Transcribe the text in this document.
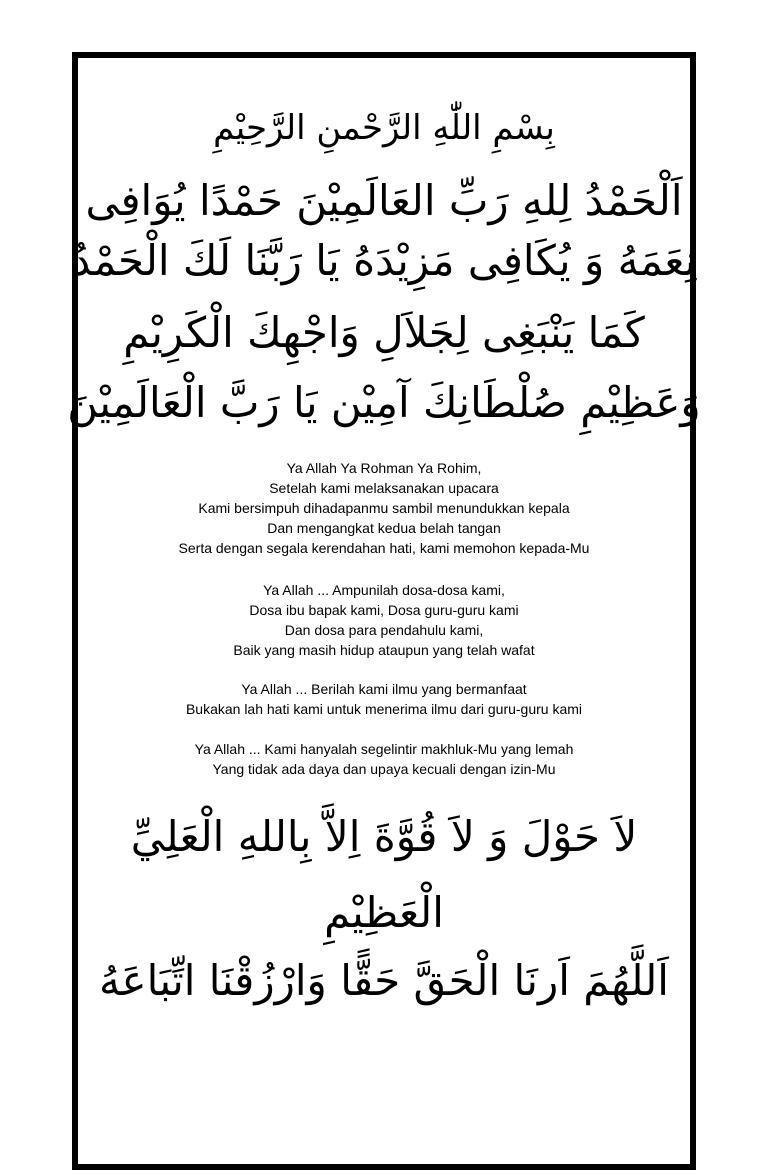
بِسْمِ اللّٰهِ الرَّحْمنِ الرَّحِيْمِ
اَلْحَمْدُ لِلهِ رَبِّ العَالَمِيْنَ حَمْدًا يُوَافِى
نِعَمَهُ وَ يُكَافِى مَزِيْدَهُ يَا رَبَّنَا لَكَ الْحَمْدُ
كَمَا يَنْبَغِى لِجَلاَلِ وَاجْهِكَ الْكَرِيْمِ
وَعَظِيْمِ صُلْطَانِكَ آمِيْن يَا رَبَّ الْعَالَمِيْنَ
Ya Allah Ya Rohman Ya Rohim,
Setelah kami melaksanakan upacara
Kami bersimpuh dihadapanmu sambil menundukkan kepala
Dan mengangkat kedua belah tangan
Serta dengan segala kerendahan hati, kami memohon kepada-Mu
Ya Allah ... Ampunilah dosa-dosa kami,
Dosa ibu bapak kami, Dosa guru-guru kami
Dan dosa para pendahulu kami,
Baik yang masih hidup ataupun yang telah wafat
Ya Allah ... Berilah kami ilmu yang bermanfaat
Bukakan lah hati kami untuk menerima ilmu dari guru-guru kami
Ya Allah ... Kami hanyalah segelintir makhluk-Mu yang lemah
Yang tidak ada daya dan upaya kecuali dengan izin-Mu
لاَ حَوْلَ وَ لاَ قُوَّةَ اِلاَّ بِاللهِ الْعَلِيِّ
الْعَظِيْمِ
اَللَّهُمَ اَرنَا الْحَقَّ حَقًّا وَارْزُقْنَا اتِّبَاعَهُ
